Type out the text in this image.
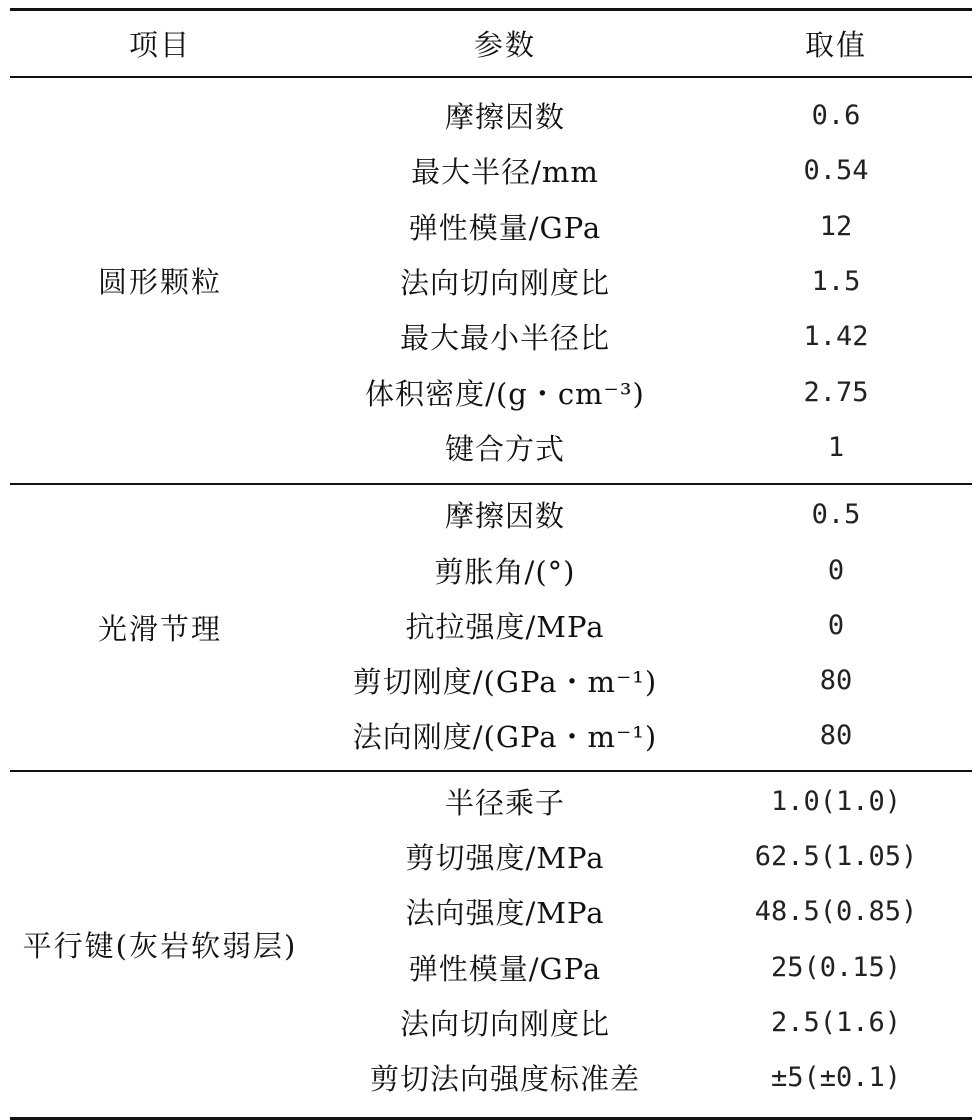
项目	参数	取值
圆形颗粒
摩擦因数	0.6
最大半径/mm	0.54
弹性模量/GPa	12
法向切向刚度比	1.5
最大最小半径比	1.42
体积密度/(g・cm⁻³)	2.75
键合方式	1
光滑节理
摩擦因数	0.5
剪胀角/(°)	0
抗拉强度/MPa	0
剪切刚度/(GPa・m⁻¹)	80
法向刚度/(GPa・m⁻¹)	80
平行键(灰岩软弱层)
半径乘子	1.0(1.0)
剪切强度/MPa	62.5(1.05)
法向强度/MPa	48.5(0.85)
弹性模量/GPa	25(0.15)
法向切向刚度比	2.5(1.6)
剪切法向强度标准差	±5(±0.1)
